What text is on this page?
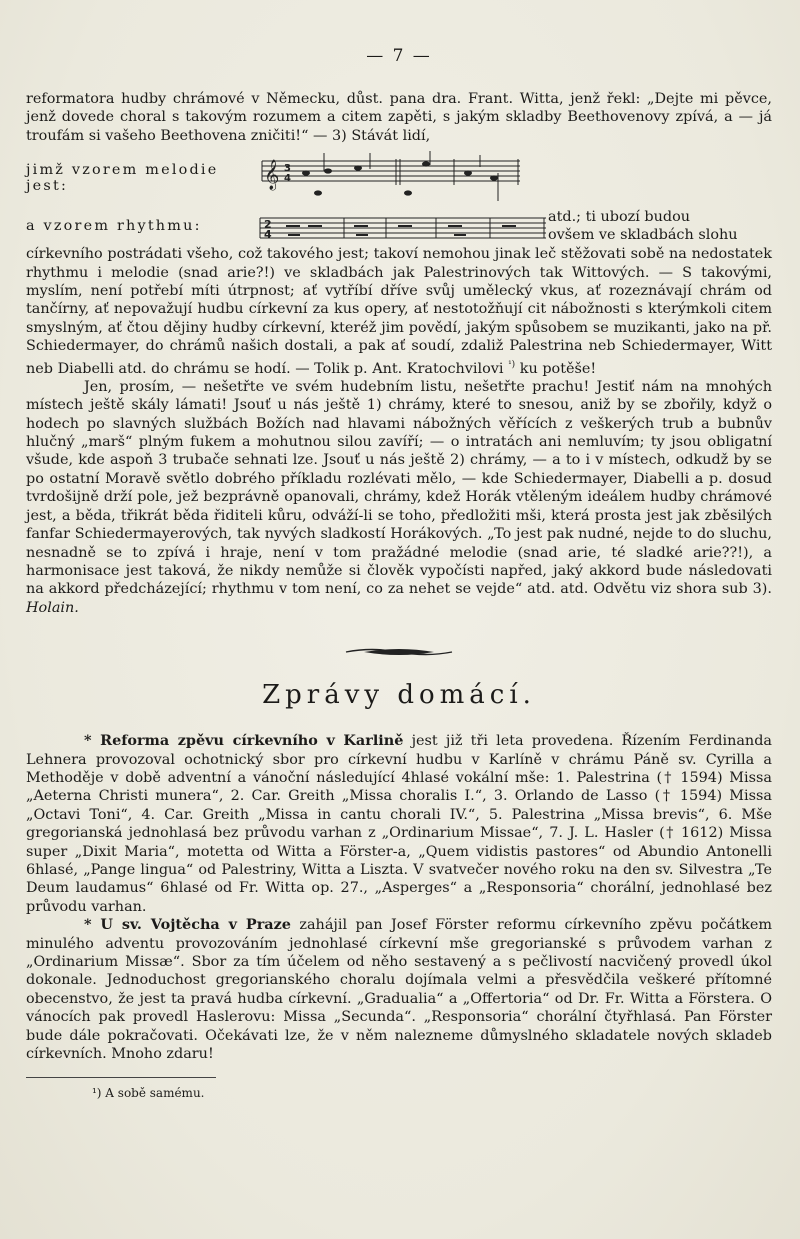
— 7 —

reformatora hudby chrámové v Německu, důst. pana dra. Frant. Witta, jenž řekl: „Dejte mi pěvce, jenž dovede choral s takovým rozumem a citem zapěti, s jakým skladby Beethovenovy zpívá, a — já troufám si vašeho Beethovena zničiti!“ — 3) Stávát lidí,

jimž vzorem melodie jest:	𝄞 3
4
a vzorem rhythmu:	2
4
atd.; ti ubozí budou
ovšem ve skladbách slohu

církevního postrádati všeho, což takového jest; takoví nemohou jinak leč stěžovati sobě na nedostatek rhythmu i melodie (snad arie?!) ve skladbách jak Palestrinových tak Wittových. — S takovými, myslím, není potřebí míti útrpnost; ať vytříbí dříve svůj umělecký vkus, ať rozeznávají chrám od tančírny, ať nepovažují hudbu církevní za kus opery, ať nestotožňují cit nábožnosti s kterýmkoli citem smyslným, ať čtou dějiny hudby církevní, kteréž jim povědí, jakým spůsobem se muzikanti, jako na př. Schiedermayer, do chrámů našich dostali, a pak ať soudí, zdaliž Palestrina neb Schiedermayer, Witt neb Diabelli atd. do chrámu se hodí. — Tolik p. Ant. Kratochvilovi $^{^1)}$ ku potěše!

Jen, prosím, — nešetřte ve svém hudebním listu, nešetřte prachu! Jestiť nám na mnohých místech ještě skály lámati! Jsouť u nás ještě 1) chrámy, které to snesou, aniž by se zbořily, když o hodech po slavných službách Božích nad hlavami nábožných věřících z veškerých trub a bubnův hlučný „marš“ plným fukem a mohutnou silou zavíří; — o intratách ani nemluvím; ty jsou obligatní všude, kde aspoň 3 trubače sehnati lze. Jsouť u nás ještě 2) chrámy, — a to i v místech, odkudž by se po ostatní Moravě světlo dobrého příkladu rozlévati mělo, — kde Schiedermayer, Diabelli a p. dosud tvrdošijně drží pole, jež bezprávně opanovali, chrámy, kdež Horák vtěleným ideálem hudby chrámové jest, a běda, třikrát běda řiditeli kůru, odváží-li se toho, předložiti mši, která prosta jest jak zběsilých fanfar Schiedermayerových, tak nyvých sladkostí Horákových. „To jest pak nudné, nejde to do sluchu, nesnadně se to zpívá i hraje, není v tom pražádné melodie (snad arie, té sladké arie??!), a harmonisace jest taková, že nikdy nemůže si člověk vypočísti napřed, jaký akkord bude následovati na akkord předcházející; rhythmu v tom není, co za nehet se vejde“ atd. atd. Odvětu viz shora sub 3). Holain.

Zprávy domácí.

* Reforma zpěvu církevního v Karlině jest již tři leta provedena. Řízením Ferdinanda Lehnera provozoval ochotnický sbor pro církevní hudbu v Karlíně v chrámu Páně sv. Cyrilla a Methoděje v době adventní a vánoční následující 4hlasé vokální mše: 1. Palestrina († 1594) Missa „Aeterna Christi munera“, 2. Car. Greith „Missa choralis I.“, 3. Orlando de Lasso († 1594) Missa „Octavi Toni“, 4. Car. Greith „Missa in cantu chorali IV.“, 5. Palestrina „Missa brevis“, 6. Mše gregorianská jednohlasá bez průvodu varhan z „Ordinarium Missae“, 7. J. L. Hasler († 1612) Missa super „Dixit Maria“, motetta od Witta a Förster-a, „Quem vidistis pastores“ od Abundio Antonelli 6hlasé, „Pange lingua“ od Palestriny, Witta a Liszta. V svatvečer nového roku na den sv. Silvestra „Te Deum laudamus“ 6hlasé od Fr. Witta op. 27., „Asperges“ a „Responsoria“ chorální, jednohlasé bez průvodu varhan.

* U sv. Vojtěcha v Praze zahájil pan Josef Förster reformu církevního zpěvu počátkem minulého adventu provozováním jednohlasé církevní mše gregorianské s průvodem varhan z „Ordinarium Missæ“. Sbor za tím účelem od něho sestavený a s pečlivostí nacvičený provedl úkol dokonale. Jednoduchost gregorianského choralu dojímala velmi a přesvědčila veškeré přítomné obecenstvo, že jest ta pravá hudba církevní. „Gradualia“ a „Offertoria“ od Dr. Fr. Witta a Förstera. O vánocích pak provedl Haslerovu: Missa „Secunda“. „Responsoria“ chorální čtyřhlasá. Pan Förster bude dále pokračovati. Očekávati lze, že v něm nalezneme důmyslného skladatele nových skladeb církevních. Mnoho zdaru!

¹) A sobě samému.
